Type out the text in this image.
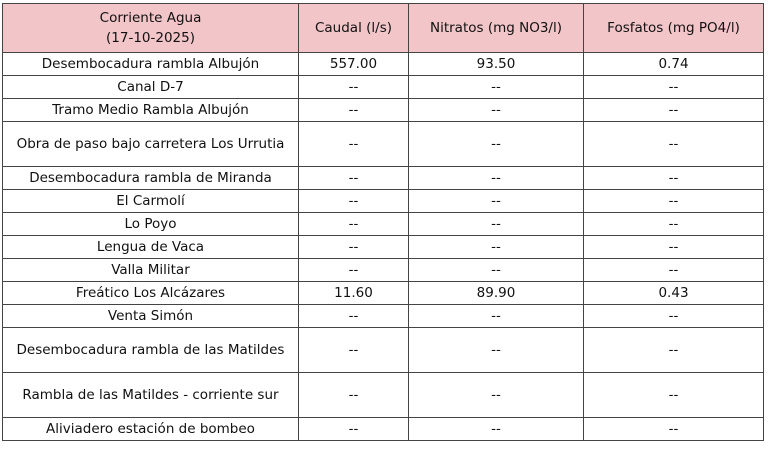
Corriente Agua
(17-10-2025)	Caudal (l/s)	Nitratos (mg NO3/l)	Fosfatos (mg PO4/l)
Desembocadura rambla Albujón	557.00	93.50	0.74
Canal D-7	--	--	--
Tramo Medio Rambla Albujón	--	--	--
Obra de paso bajo carretera Los Urrutia	--	--	--
Desembocadura rambla de Miranda	--	--	--
El Carmolí	--	--	--
Lo Poyo	--	--	--
Lengua de Vaca	--	--	--
Valla Militar	--	--	--
Freático Los Alcázares	11.60	89.90	0.43
Venta Simón	--	--	--
Desembocadura rambla de las Matildes	--	--	--
Rambla de las Matildes - corriente sur	--	--	--
Aliviadero estación de bombeo	--	--	--
